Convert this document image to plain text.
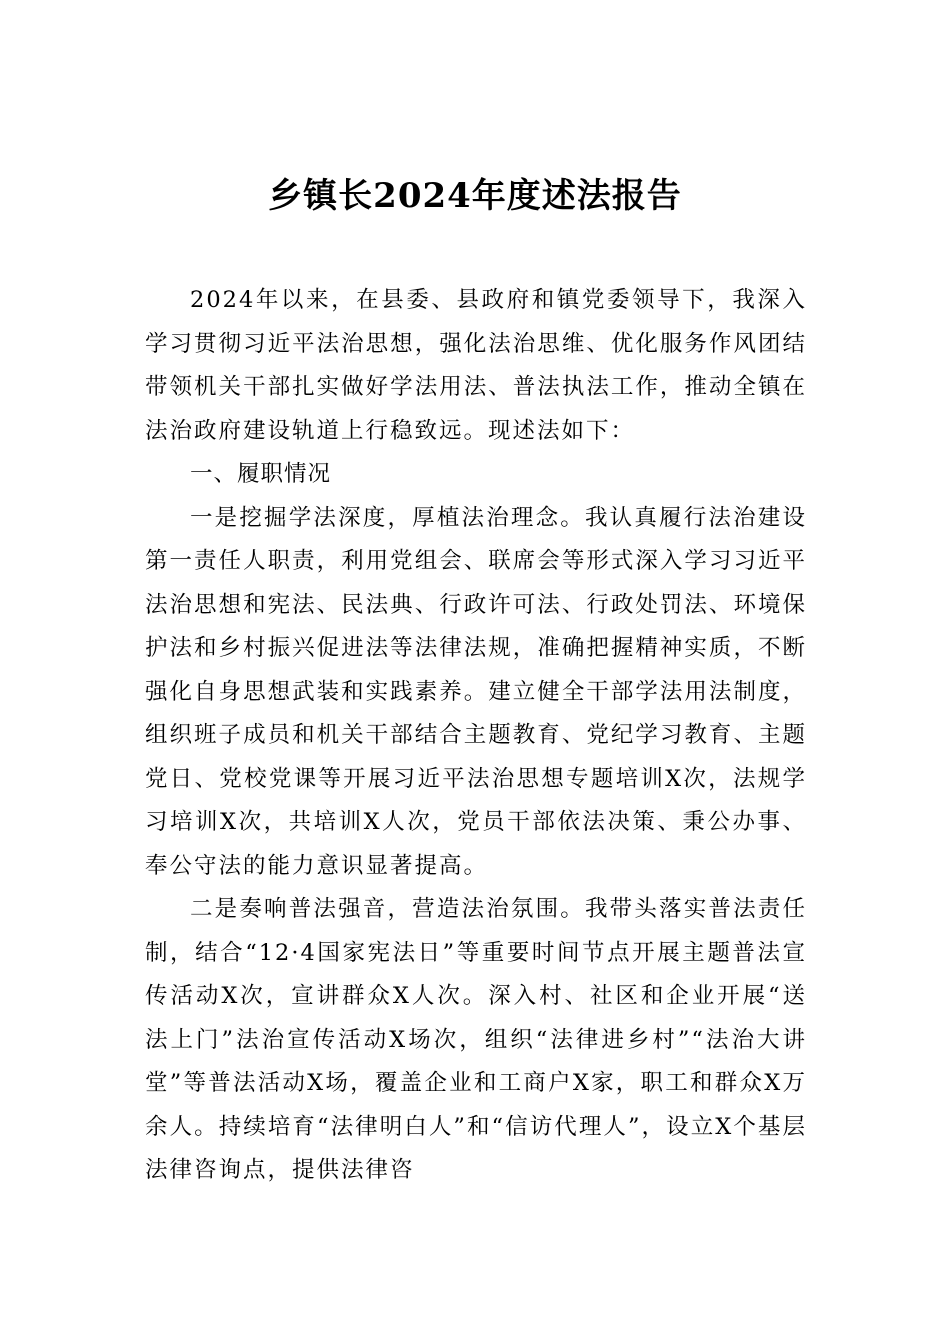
乡镇长2024年度述法报告

2024年以来，在县委、县政府和镇党委领导下，我深入学习贯彻习近平法治思想，强化法治思维、优化服务作风团结带领机关干部扎实做好学法用法、普法执法工作，推动全镇在法治政府建设轨道上行稳致远。现述法如下：

一、履职情况

一是挖掘学法深度，厚植法治理念。我认真履行法治建设第一责任人职责，利用党组会、联席会等形式深入学习习近平法治思想和宪法、民法典、行政许可法、行政处罚法、环境保护法和乡村振兴促进法等法律法规，准确把握精神实质，不断强化自身思想武装和实践素养。建立健全干部学法用法制度，组织班子成员和机关干部结合主题教育、党纪学习教育、主题党日、党校党课等开展习近平法治思想专题培训X次，法规学习培训X次，共培训X人次，党员干部依法决策、秉公办事、奉公守法的能力意识显著提高。

二是奏响普法强音，营造法治氛围。我带头落实普法责任制，结合“12·4国家宪法日”等重要时间节点开展主题普法宣传活动X次，宣讲群众X人次。深入村、社区和企业开展“送法上门”法治宣传活动X场次，组织“法律进乡村”“法治大讲堂”等普法活动X场，覆盖企业和工商户X家，职工和群众X万余人。持续培育“法律明白人”和“信访代理人”，设立X个基层法律咨询点，提供法律咨
